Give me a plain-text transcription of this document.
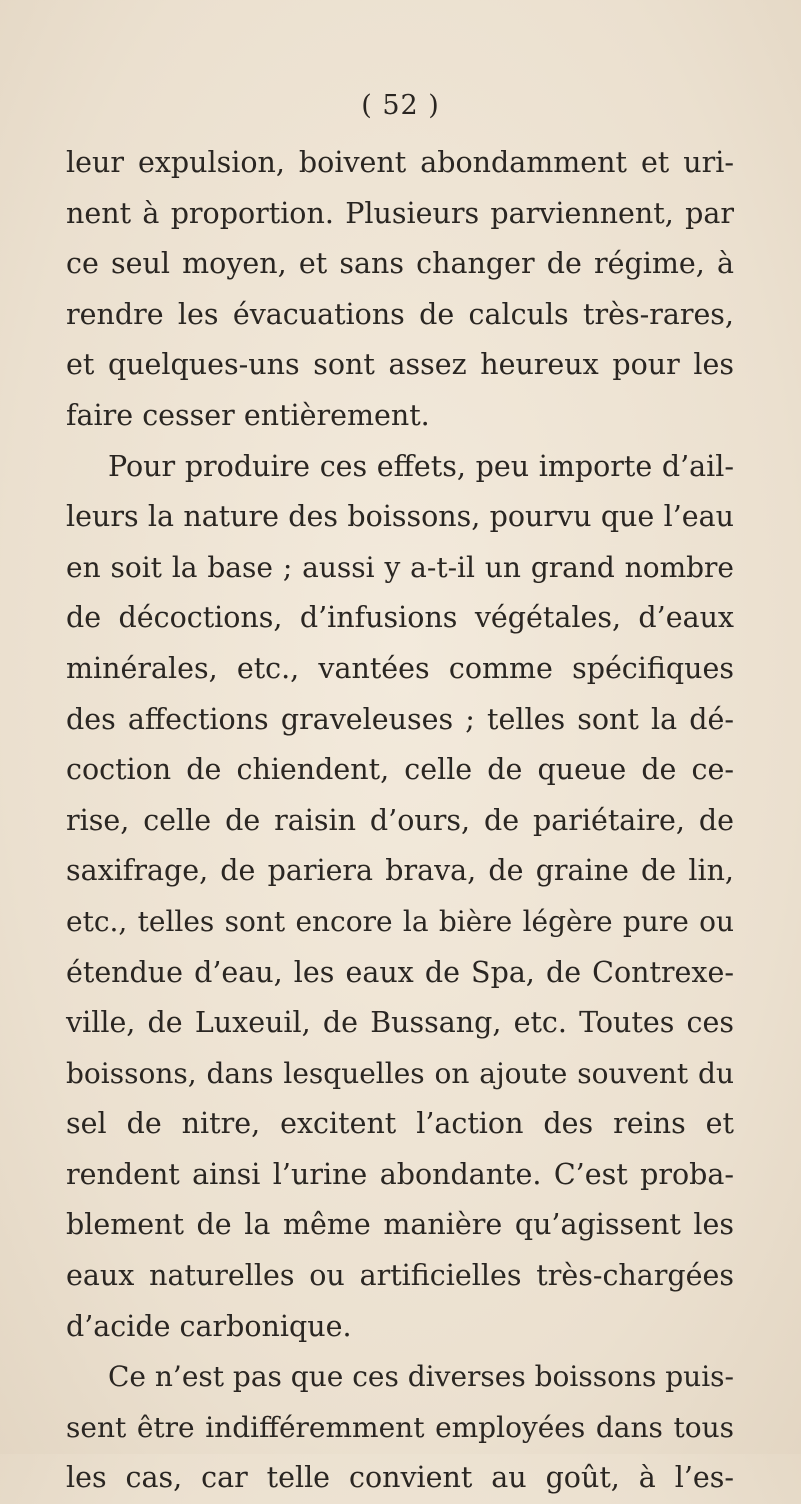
( 52 )
leur expulsion, boivent abondamment et uri-
nent à proportion. Plusieurs parviennent, par
ce seul moyen, et sans changer de régime, à
rendre les évacuations de calculs très-rares,
et quelques-uns sont assez heureux pour les
faire cesser entièrement.
Pour produire ces effets, peu importe d’ail-
leurs la nature des boissons, pourvu que l’eau
en soit la base ; aussi y a-t-il un grand nombre
de décoctions, d’infusions végétales, d’eaux
minérales, etc., vantées comme spécifiques
des affections graveleuses ; telles sont la dé-
coction de chiendent, celle de queue de ce-
rise, celle de raisin d’ours, de pariétaire, de
saxifrage, de pariera brava, de graine de lin,
etc., telles sont encore la bière légère pure ou
étendue d’eau, les eaux de Spa, de Contrexe-
ville, de Luxeuil, de Bussang, etc. Toutes ces
boissons, dans lesquelles on ajoute souvent du
sel de nitre, excitent l’action des reins et
rendent ainsi l’urine abondante. C’est proba-
blement de la même manière qu’agissent les
eaux naturelles ou artificielles très-chargées
d’acide carbonique.
Ce n’est pas que ces diverses boissons puis-
sent être indifféremment employées dans tous
les cas, car telle convient au goût, à l’es-
